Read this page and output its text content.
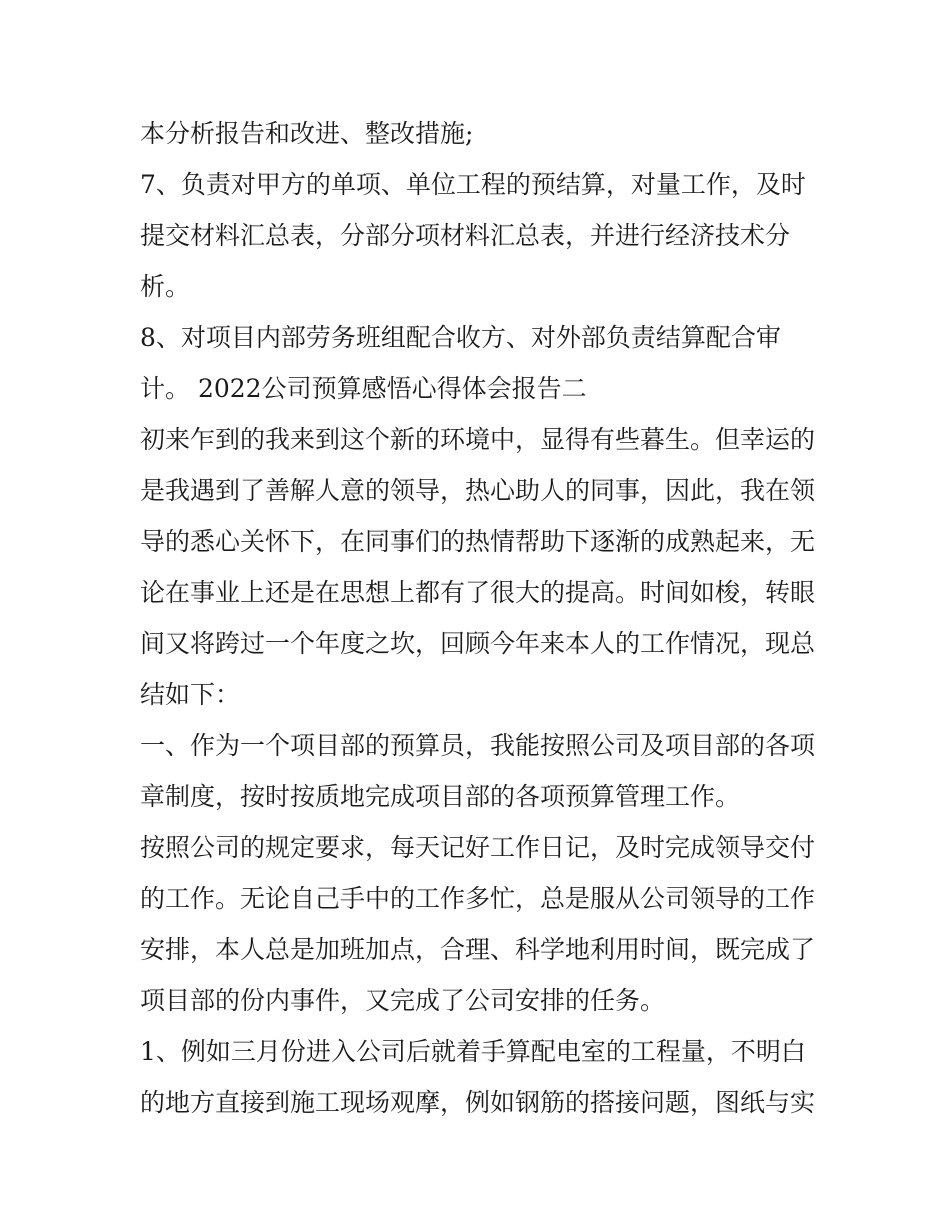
本分析报告和改进、整改措施;
7、负责对甲方的单项、单位工程的预结算，对量工作，及时
提交材料汇总表，分部分项材料汇总表，并进行经济技术分
析。
8、对项目内部劳务班组配合收方、对外部负责结算配合审
计。 2022公司预算感悟心得体会报告二
初来乍到的我来到这个新的环境中，显得有些暮生。但幸运的
是我遇到了善解人意的领导，热心助人的同事，因此，我在领
导的悉心关怀下，在同事们的热情帮助下逐渐的成熟起来，无
论在事业上还是在思想上都有了很大的提高。时间如梭，转眼
间又将跨过一个年度之坎，回顾今年来本人的工作情况，现总
结如下：
一、作为一个项目部的预算员，我能按照公司及项目部的各项
章制度，按时按质地完成项目部的各项预算管理工作。
按照公司的规定要求，每天记好工作日记，及时完成领导交付
的工作。无论自己手中的工作多忙，总是服从公司领导的工作
安排，本人总是加班加点，合理、科学地利用时间，既完成了
项目部的份内事件，又完成了公司安排的任务。
1、例如三月份进入公司后就着手算配电室的工程量，不明白
的地方直接到施工现场观摩，例如钢筋的搭接问题，图纸与实
